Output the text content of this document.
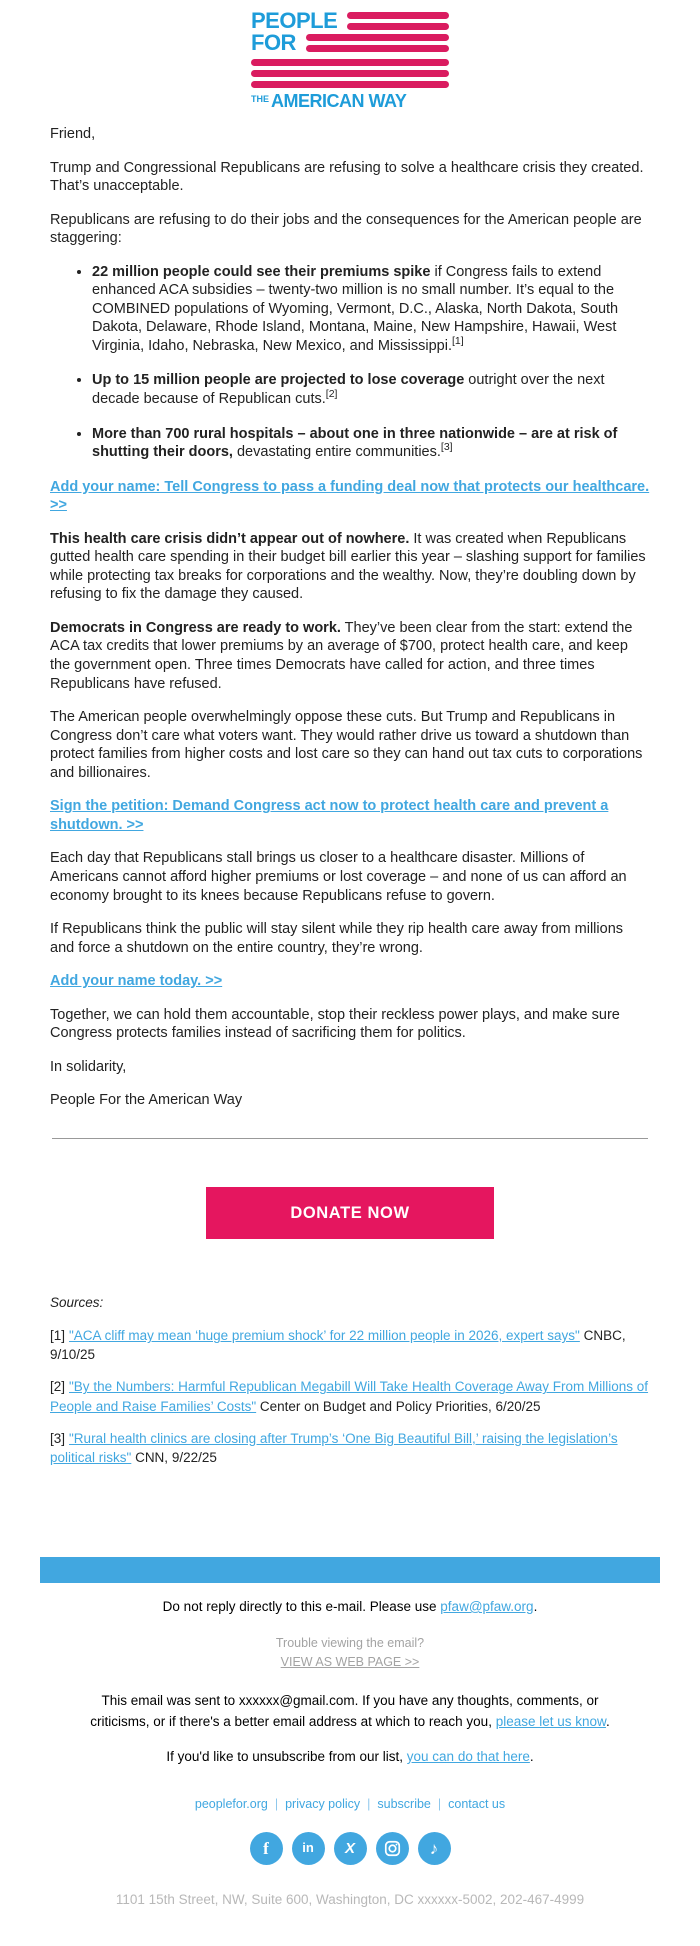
PEOPLE
FOR
THE AMERICAN WAY

Friend,

Trump and Congressional Republicans are refusing to solve a healthcare crisis they created. That’s unacceptable.

Republicans are refusing to do their jobs and the consequences for the American people are staggering:

• 22 million people could see their premiums spike if Congress fails to extend enhanced ACA subsidies – twenty-two million is no small number. It’s equal to the COMBINED populations of Wyoming, Vermont, D.C., Alaska, North Dakota, South Dakota, Delaware, Rhode Island, Montana, Maine, New Hampshire, Hawaii, West Virginia, Idaho, Nebraska, New Mexico, and Mississippi.[1]
• Up to 15 million people are projected to lose coverage outright over the next decade because of Republican cuts.[2]
• More than 700 rural hospitals – about one in three nationwide – are at risk of shutting their doors, devastating entire communities.[3]

Add your name: Tell Congress to pass a funding deal now that protects our healthcare. >>

This health care crisis didn’t appear out of nowhere. It was created when Republicans gutted health care spending in their budget bill earlier this year – slashing support for families while protecting tax breaks for corporations and the wealthy. Now, they’re doubling down by refusing to fix the damage they caused.

Democrats in Congress are ready to work. They’ve been clear from the start: extend the ACA tax credits that lower premiums by an average of $700, protect health care, and keep the government open. Three times Democrats have called for action, and three times Republicans have refused.

The American people overwhelmingly oppose these cuts. But Trump and Republicans in Congress don’t care what voters want. They would rather drive us toward a shutdown than protect families from higher costs and lost care so they can hand out tax cuts to corporations and billionaires.

Sign the petition: Demand Congress act now to protect health care and prevent a shutdown. >>

Each day that Republicans stall brings us closer to a healthcare disaster. Millions of Americans cannot afford higher premiums or lost coverage – and none of us can afford an economy brought to its knees because Republicans refuse to govern.

If Republicans think the public will stay silent while they rip health care away from millions and force a shutdown on the entire country, they’re wrong.

Add your name today. >>

Together, we can hold them accountable, stop their reckless power plays, and make sure Congress protects families instead of sacrificing them for politics.

In solidarity,

People For the American Way

DONATE NOW

Sources:

[1] "ACA cliff may mean ‘huge premium shock’ for 22 million people in 2026, expert says" CNBC, 9/10/25

[2] "By the Numbers: Harmful Republican Megabill Will Take Health Coverage Away From Millions of People and Raise Families’ Costs" Center on Budget and Policy Priorities, 6/20/25

[3] "Rural health clinics are closing after Trump’s ‘One Big Beautiful Bill,’ raising the legislation’s political risks" CNN, 9/22/25

Do not reply directly to this e-mail. Please use pfaw@pfaw.org.

Trouble viewing the email?
VIEW AS WEB PAGE >>

This email was sent to xxxxxx@gmail.com. If you have any thoughts, comments, or criticisms, or if there's a better email address at which to reach you, please let us know.

If you'd like to unsubscribe from our list, you can do that here.

peoplefor.org | privacy policy | subscribe | contact us
f	in X	♪

1101 15th Street, NW, Suite 600, Washington, DC xxxxxx-5002, 202-467-4999
